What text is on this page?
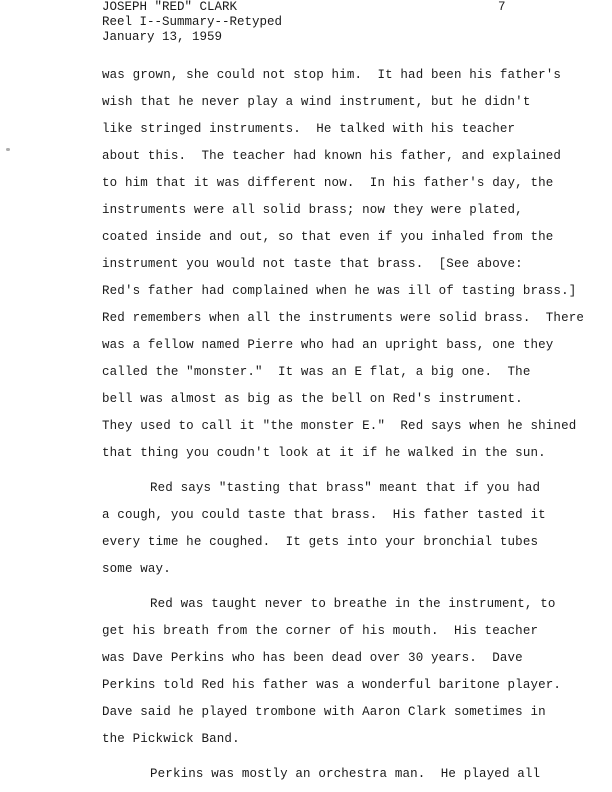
JOSEPH "RED" CLARK
Reel I--Summary--Retyped
January 13, 1959
7
was grown, she could not stop him.  It had been his father's
wish that he never play a wind instrument, but he didn't
like stringed instruments.  He talked with his teacher
about this.  The teacher had known his father, and explained
to him that it was different now.  In his father's day, the
instruments were all solid brass; now they were plated,
coated inside and out, so that even if you inhaled from the
instrument you would not taste that brass.  [See above:
Red's father had complained when he was ill of tasting brass.]
Red remembers when all the instruments were solid brass.  There
was a fellow named Pierre who had an upright bass, one they
called the "monster."  It was an E flat, a big one.  The
bell was almost as big as the bell on Red's instrument.
They used to call it "the monster E."  Red says when he shined
that thing you coudn't look at it if he walked in the sun.
Red says "tasting that brass" meant that if you had
a cough, you could taste that brass.  His father tasted it
every time he coughed.  It gets into your bronchial tubes
some way.
Red was taught never to breathe in the instrument, to
get his breath from the corner of his mouth.  His teacher
was Dave Perkins who has been dead over 30 years.  Dave
Perkins told Red his father was a wonderful baritone player.
Dave said he played trombone with Aaron Clark sometimes in
the Pickwick Band.
Perkins was mostly an orchestra man.  He played all
